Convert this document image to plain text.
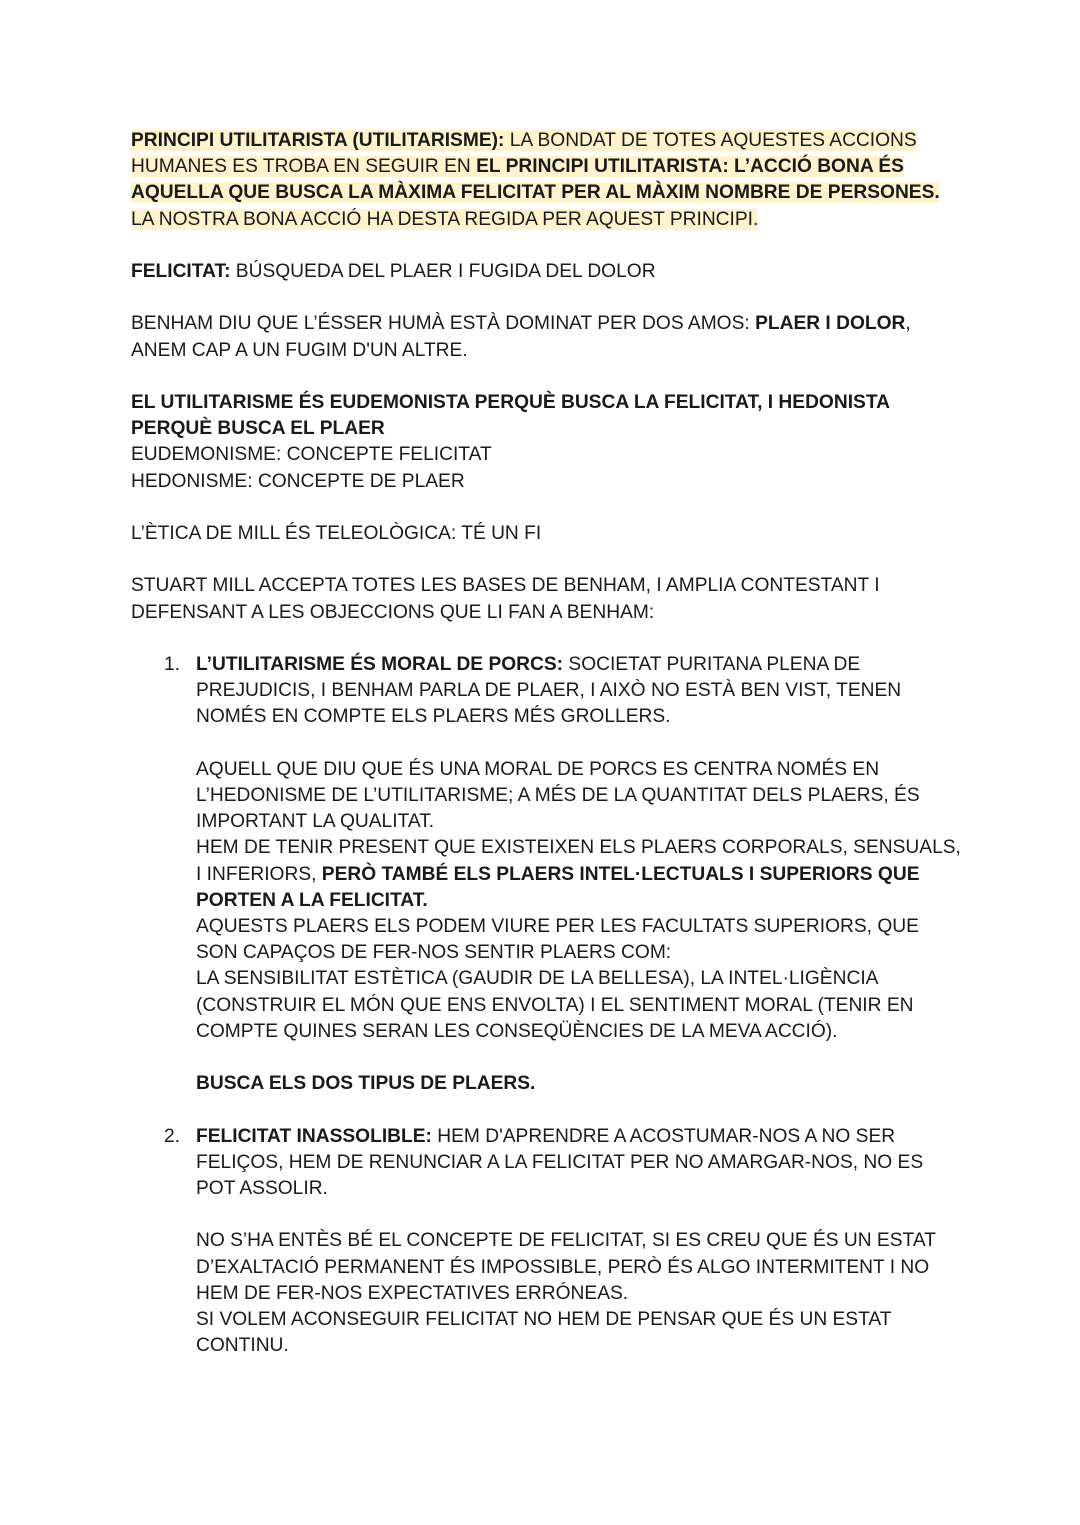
PRINCIPI UTILITARISTA (UTILITARISME): LA BONDAT DE TOTES AQUESTES ACCIONS HUMANES ES TROBA EN SEGUIR EN EL PRINCIPI UTILITARISTA: L’ACCIÓ BONA ÉS AQUELLA QUE BUSCA LA MÀXIMA FELICITAT PER AL MÀXIM NOMBRE DE PERSONES. LA NOSTRA BONA ACCIÓ HA DESTA REGIDA PER AQUEST PRINCIPI.

FELICITAT: BÚSQUEDA DEL PLAER I FUGIDA DEL DOLOR

BENHAM DIU QUE L’ÉSSER HUMÀ ESTÀ DOMINAT PER DOS AMOS: PLAER I DOLOR, ANEM CAP A UN FUGIM D'UN ALTRE.

EL UTILITARISME ÉS EUDEMONISTA PERQUÈ BUSCA LA FELICITAT, I HEDONISTA PERQUÈ BUSCA EL PLAER

EUDEMONISME: CONCEPTE FELICITAT

HEDONISME: CONCEPTE DE PLAER

L’ÈTICA DE MILL ÉS TELEOLÒGICA: TÉ UN FI

STUART MILL ACCEPTA TOTES LES BASES DE BENHAM, I AMPLIA CONTESTANT I DEFENSANT A LES OBJECCIONS QUE LI FAN A BENHAM:

1. L’UTILITARISME ÉS MORAL DE PORCS: SOCIETAT PURITANA PLENA DE PREJUDICIS, I BENHAM PARLA DE PLAER, I AIXÒ NO ESTÀ BEN VIST, TENEN NOMÉS EN COMPTE ELS PLAERS MÉS GROLLERS.

AQUELL QUE DIU QUE ÉS UNA MORAL DE PORCS ES CENTRA NOMÉS EN L’HEDONISME DE L’UTILITARISME; A MÉS DE LA QUANTITAT DELS PLAERS, ÉS IMPORTANT LA QUALITAT.

HEM DE TENIR PRESENT QUE EXISTEIXEN ELS PLAERS CORPORALS, SENSUALS, I INFERIORS, PERÒ TAMBÉ ELS PLAERS INTEL·LECTUALS I SUPERIORS QUE PORTEN A LA FELICITAT.

AQUESTS PLAERS ELS PODEM VIURE PER LES FACULTATS SUPERIORS, QUE SON CAPAÇOS DE FER-NOS SENTIR PLAERS COM:

LA SENSIBILITAT ESTÈTICA (GAUDIR DE LA BELLESA), LA INTEL·LIGÈNCIA (CONSTRUIR EL MÓN QUE ENS ENVOLTA) I EL SENTIMENT MORAL (TENIR EN COMPTE QUINES SERAN LES CONSEQÜÈNCIES DE LA MEVA ACCIÓ).

BUSCA ELS DOS TIPUS DE PLAERS.

2. FELICITAT INASSOLIBLE: HEM D'APRENDRE A ACOSTUMAR-NOS A NO SER FELIÇOS, HEM DE RENUNCIAR A LA FELICITAT PER NO AMARGAR-NOS, NO ES POT ASSOLIR.

NO S’HA ENTÈS BÉ EL CONCEPTE DE FELICITAT, SI ES CREU QUE ÉS UN ESTAT D’EXALTACIÓ PERMANENT ÉS IMPOSSIBLE, PERÒ ÉS ALGO INTERMITENT I NO HEM DE FER-NOS EXPECTATIVES ERRÓNEAS.

SI VOLEM ACONSEGUIR FELICITAT NO HEM DE PENSAR QUE ÉS UN ESTAT CONTINU.
